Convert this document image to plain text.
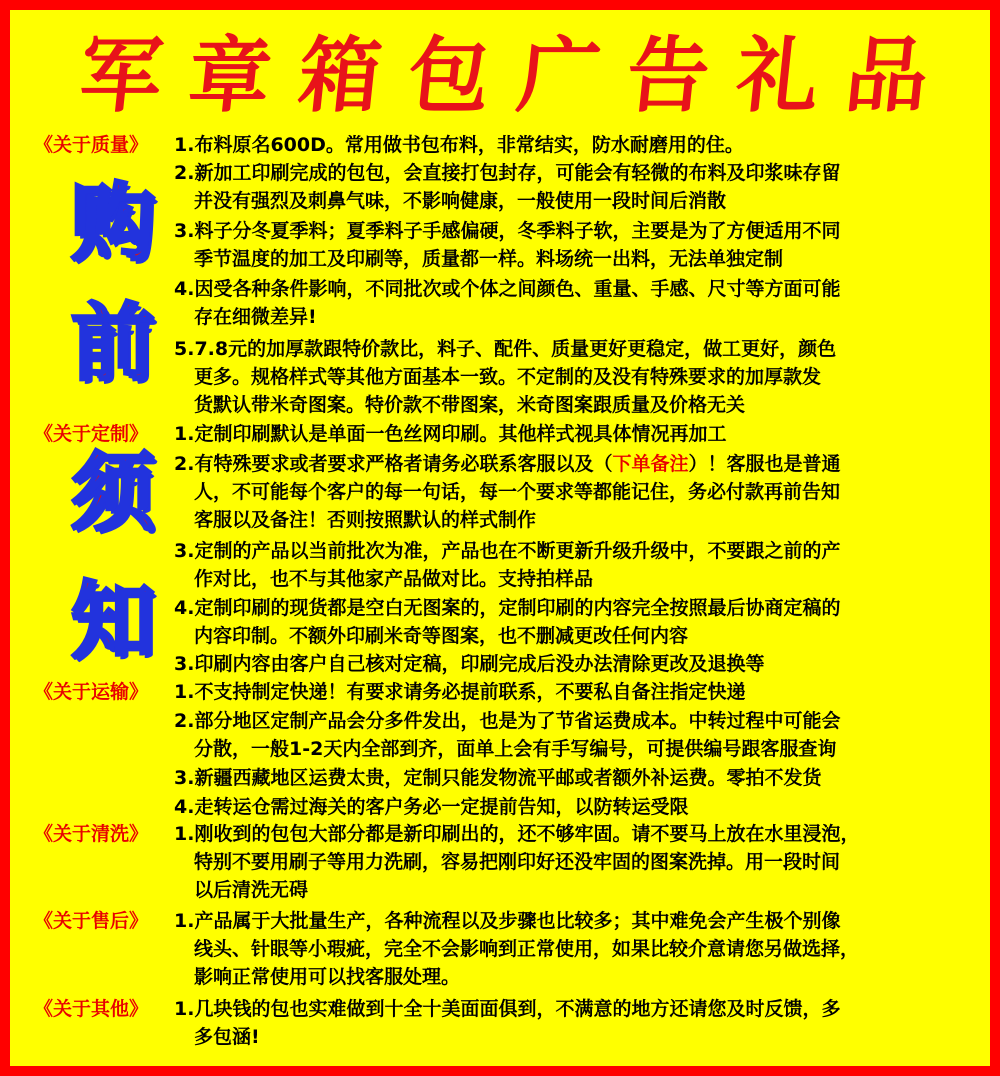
军 章 箱 包 广 告 礼 品
购
前
须
知
《关于质量》
《关于定制》
《关于运输》
《关于清洗》
《关于售后》
《关于其他》
1.布料原名600D。常用做书包布料，非常结实，防水耐磨用的住。
2.新加工印刷完成的包包，会直接打包封存，可能会有轻微的布料及印浆味存留
并没有强烈及刺鼻气味，不影响健康，一般使用一段时间后消散
3.料子分冬夏季料；夏季料子手感偏硬，冬季料子软，主要是为了方便适用不同
季节温度的加工及印刷等，质量都一样。料场统一出料，无法单独定制
4.因受各种条件影响，不同批次或个体之间颜色、重量、手感、尺寸等方面可能
存在细微差异!
5.7.8元的加厚款跟特价款比，料子、配件、质量更好更稳定，做工更好，颜色
更多。规格样式等其他方面基本一致。不定制的及没有特殊要求的加厚款发
货默认带米奇图案。特价款不带图案，米奇图案跟质量及价格无关
1.定制印刷默认是单面一色丝网印刷。其他样式视具体情况再加工
2.有特殊要求或者要求严格者请务必联系客服以及（下单备注）！客服也是普通
人，不可能每个客户的每一句话，每一个要求等都能记住，务必付款再前告知
客服以及备注！否则按照默认的样式制作
3.定制的产品以当前批次为准，产品也在不断更新升级升级中，不要跟之前的产
作对比，也不与其他家产品做对比。支持拍样品
4.定制印刷的现货都是空白无图案的，定制印刷的内容完全按照最后协商定稿的
内容印制。不额外印刷米奇等图案，也不删减更改任何内容
3.印刷内容由客户自己核对定稿，印刷完成后没办法清除更改及退换等
1.不支持制定快递！有要求请务必提前联系，不要私自备注指定快递
2.部分地区定制产品会分多件发出，也是为了节省运费成本。中转过程中可能会
分散，一般1-2天内全部到齐，面单上会有手写编号，可提供编号跟客服查询
3.新疆西藏地区运费太贵，定制只能发物流平邮或者额外补运费。零拍不发货
4.走转运仓需过海关的客户务必一定提前告知，以防转运受限
1.刚收到的包包大部分都是新印刷出的，还不够牢固。请不要马上放在水里浸泡，
特别不要用刷子等用力洗刷，容易把刚印好还没牢固的图案洗掉。用一段时间
以后清洗无碍
1.产品属于大批量生产，各种流程以及步骤也比较多；其中难免会产生极个别像
线头、针眼等小瑕疵，完全不会影响到正常使用，如果比较介意请您另做选择，
影响正常使用可以找客服处理。
1.几块钱的包也实难做到十全十美面面俱到，不满意的地方还请您及时反馈，多
多包涵!
